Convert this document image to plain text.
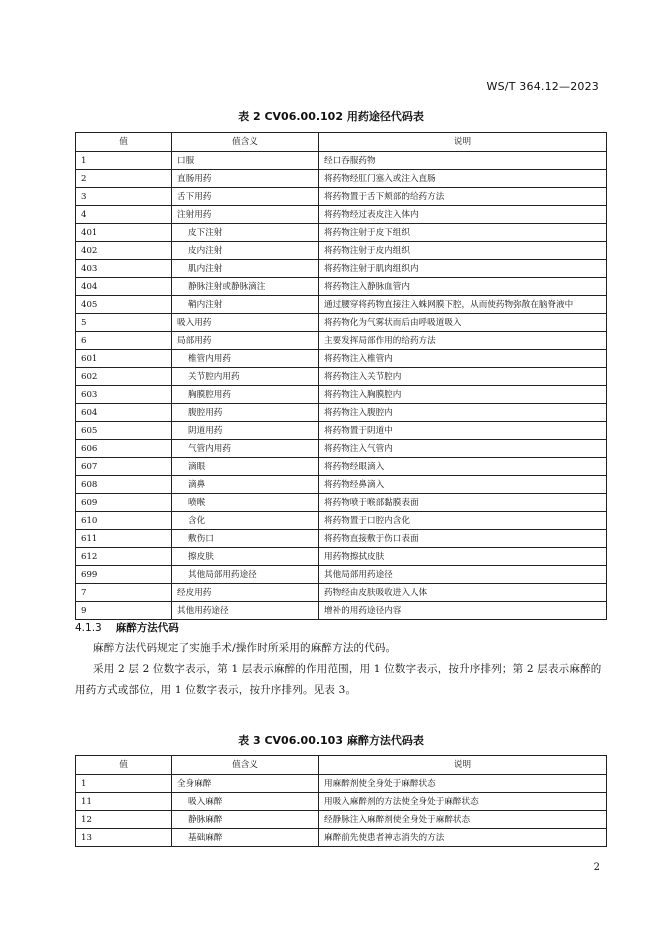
WS/T 364.12—2023
表 2 CV06.00.102 用药途径代码表
值	值含义	说明
1	口服	经口吞服药物
2	直肠用药	将药物经肛门塞入或注入直肠
3	舌下用药	将药物置于舌下颊部的给药方法
4	注射用药	将药物经过表皮注入体内
401	皮下注射	将药物注射于皮下组织
402	皮内注射	将药物注射于皮内组织
403	肌内注射	将药物注射于肌肉组织内
404	静脉注射或静脉滴注	将药物注入静脉血管内
405	鞘内注射	通过腰穿将药物直接注入蛛网膜下腔，从而使药物弥散在脑脊液中
5	吸入用药	将药物化为气雾状而后由呼吸道吸入
6	局部用药	主要发挥局部作用的给药方法
601	椎管内用药	将药物注入椎管内
602	关节腔内用药	将药物注入关节腔内
603	胸膜腔用药	将药物注入胸膜腔内
604	腹腔用药	将药物注入腹腔内
605	阴道用药	将药物置于阴道中
606	气管内用药	将药物注入气管内
607	滴眼	将药物经眼滴入
608	滴鼻	将药物经鼻滴入
609	喷喉	将药物喷于喉部黏膜表面
610	含化	将药物置于口腔内含化
611	敷伤口	将药物直接敷于伤口表面
612	擦皮肤	用药物擦拭皮肤
699	其他局部用药途径	其他局部用药途径
7	经皮用药	药物经由皮肤吸收进入人体
9	其他用药途径	增补的用药途径内容
4.1.3 麻醉方法代码
麻醉方法代码规定了实施手术/操作时所采用的麻醉方法的代码。
采用 2 层 2 位数字表示，第 1 层表示麻醉的作用范围，用 1 位数字表示，按升序排列；第 2 层表示麻醉的用药方式或部位，用 1 位数字表示，按升序排列。见表 3。
表 3 CV06.00.103 麻醉方法代码表
值	值含义	说明
1	全身麻醉	用麻醉剂使全身处于麻醉状态
11	吸入麻醉	用吸入麻醉剂的方法使全身处于麻醉状态
12	静脉麻醉	经静脉注入麻醉剂使全身处于麻醉状态
13	基础麻醉	麻醉前先使患者神志消失的方法
2
